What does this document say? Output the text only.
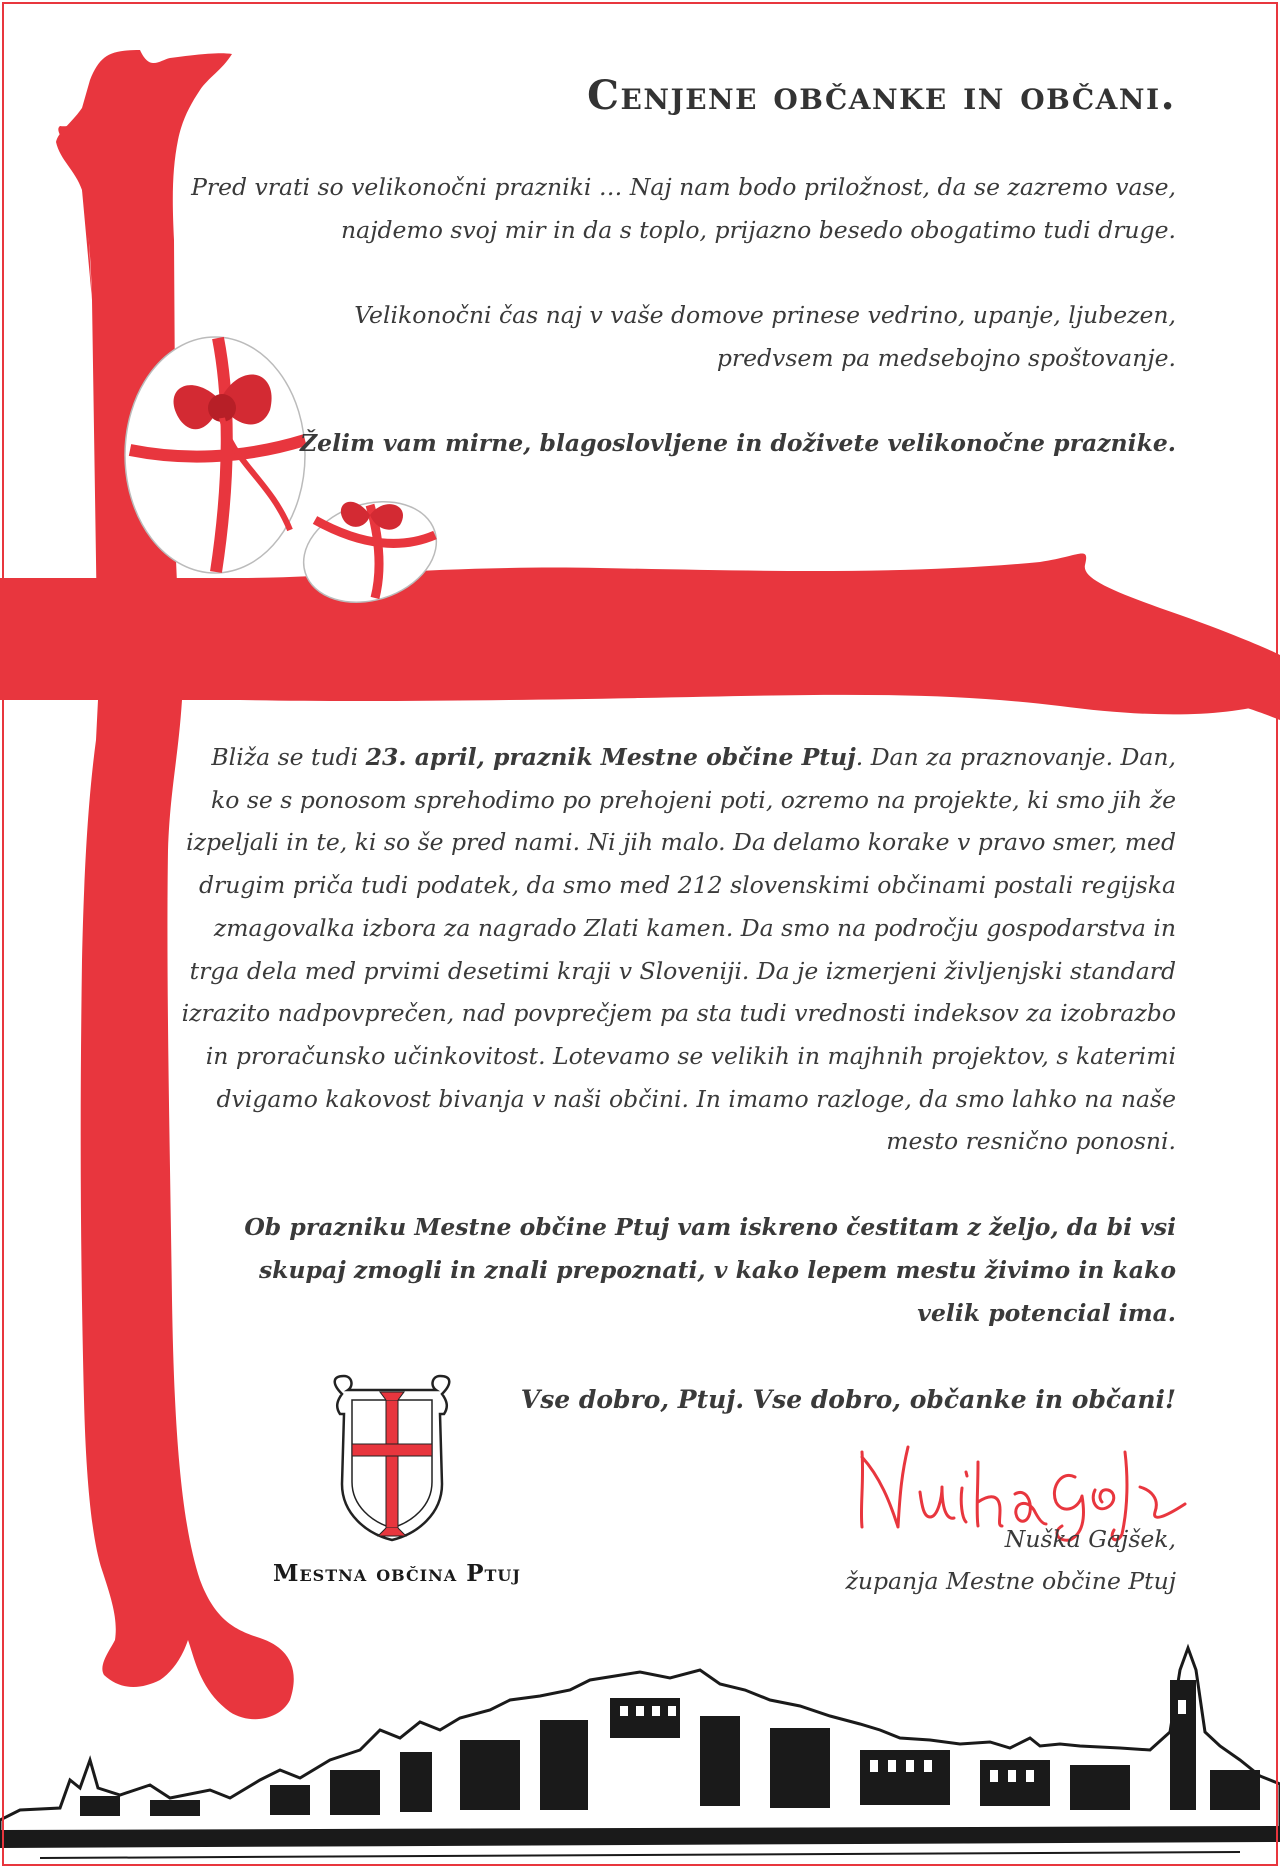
Cenjene občanke in občani.

Pred vrati so velikonočni prazniki … Naj nam bodo priložnost, da se zazremo vase, najdemo svoj mir in da s toplo, prijazno besedo obogatimo tudi druge.

Velikonočni čas naj v vaše domove prinese vedrino, upanje, ljubezen, predvsem pa medsebojno spoštovanje.

Želim vam mirne, blagoslovljene in doživete velikonočne praznike.

Bliža se tudi 23. april, praznik Mestne občine Ptuj. Dan za praznovanje. Dan, ko se s ponosom sprehodimo po prehojeni poti, ozremo na projekte, ki smo jih že izpeljali in te, ki so še pred nami. Ni jih malo. Da delamo korake v pravo smer, med drugim priča tudi podatek, da smo med 212 slovenskimi občinami postali regijska zmagovalka izbora za nagrado Zlati kamen. Da smo na področju gospodarstva in trga dela med prvimi desetimi kraji v Sloveniji. Da je izmerjeni življenjski standard izrazito nadpovprečen, nad povprečjem pa sta tudi vrednosti indeksov za izobrazbo in proračunsko učinkovitost. Lotevamo se velikih in majhnih projektov, s katerimi dvigamo kakovost bivanja v naši občini. In imamo razloge, da smo lahko na naše mesto resnično ponosni.

Ob prazniku Mestne občine Ptuj vam iskreno čestitam z željo, da bi vsi skupaj zmogli in znali prepoznati, v kako lepem mestu živimo in kako velik potencial ima.

Vse dobro, Ptuj. Vse dobro, občanke in občani!

Nuška Gajšek,
županja Mestne občine Ptuj

Mestna občina Ptuj
